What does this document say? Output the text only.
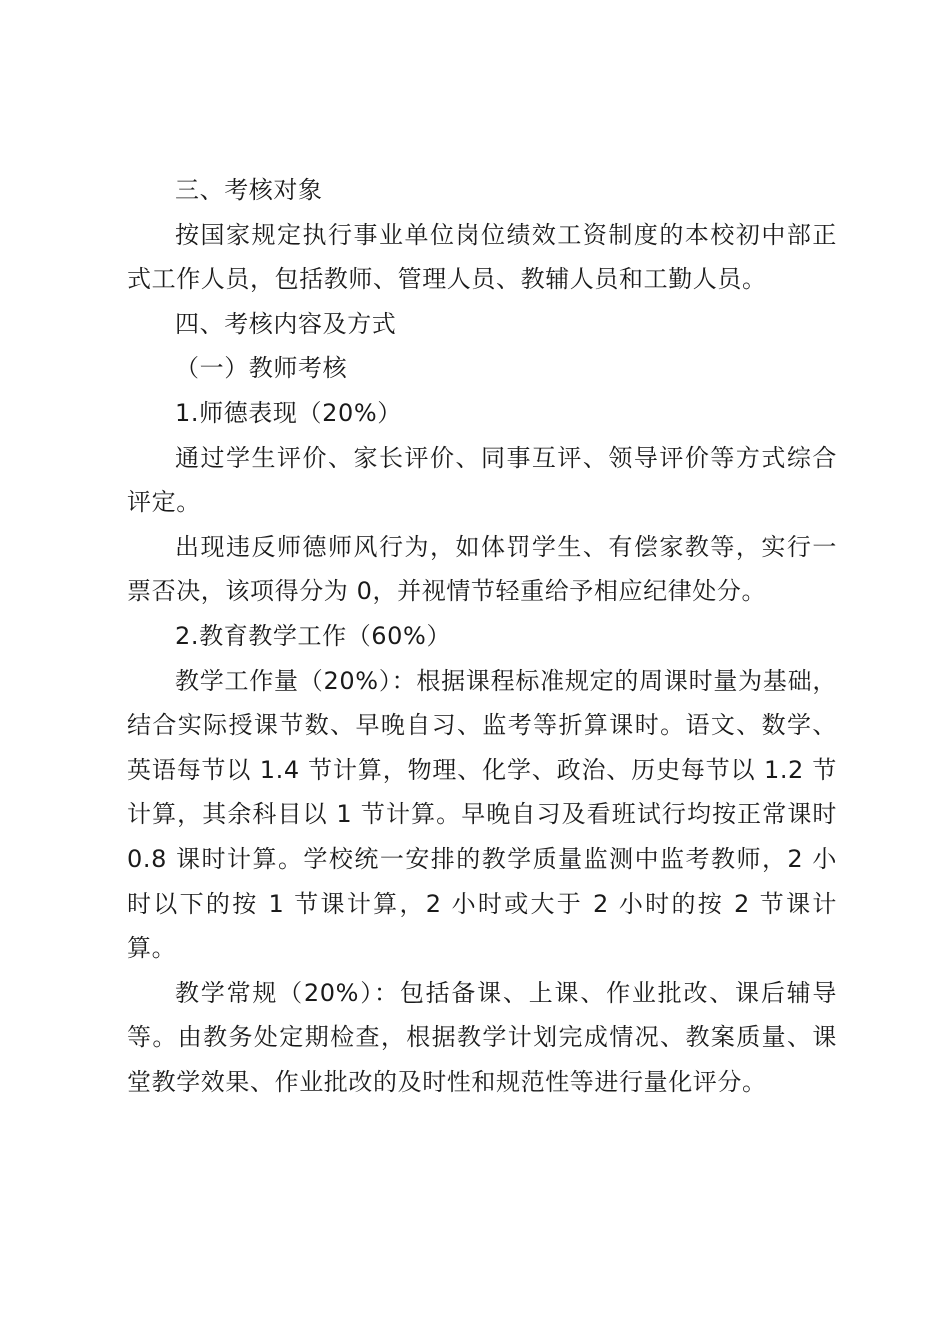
三、考核对象

按国家规定执行事业单位岗位绩效工资制度的本校初中部正式工作人员，包括教师、管理人员、教辅人员和工勤人员。

四、考核内容及方式

（一）教师考核

1.师德表现（20%）

通过学生评价、家长评价、同事互评、领导评价等方式综合评定。

出现违反师德师风行为，如体罚学生、有偿家教等，实行一票否决，该项得分为 0，并视情节轻重给予相应纪律处分。

2.教育教学工作（60%）

教学工作量（20%）：根据课程标准规定的周课时量为基础，结合实际授课节数、早晚自习、监考等折算课时。语文、数学、英语每节以 1.4 节计算，物理、化学、政治、历史每节以 1.2 节计算，其余科目以 1 节计算。早晚自习及看班试行均按正常课时 0.8 课时计算。学校统一安排的教学质量监测中监考教师，2 小时以下的按 1 节课计算，2 小时或大于 2 小时的按 2 节课计算。

教学常规（20%）：包括备课、上课、作业批改、课后辅导等。由教务处定期检查，根据教学计划完成情况、教案质量、课堂教学效果、作业批改的及时性和规范性等进行量化评分。
